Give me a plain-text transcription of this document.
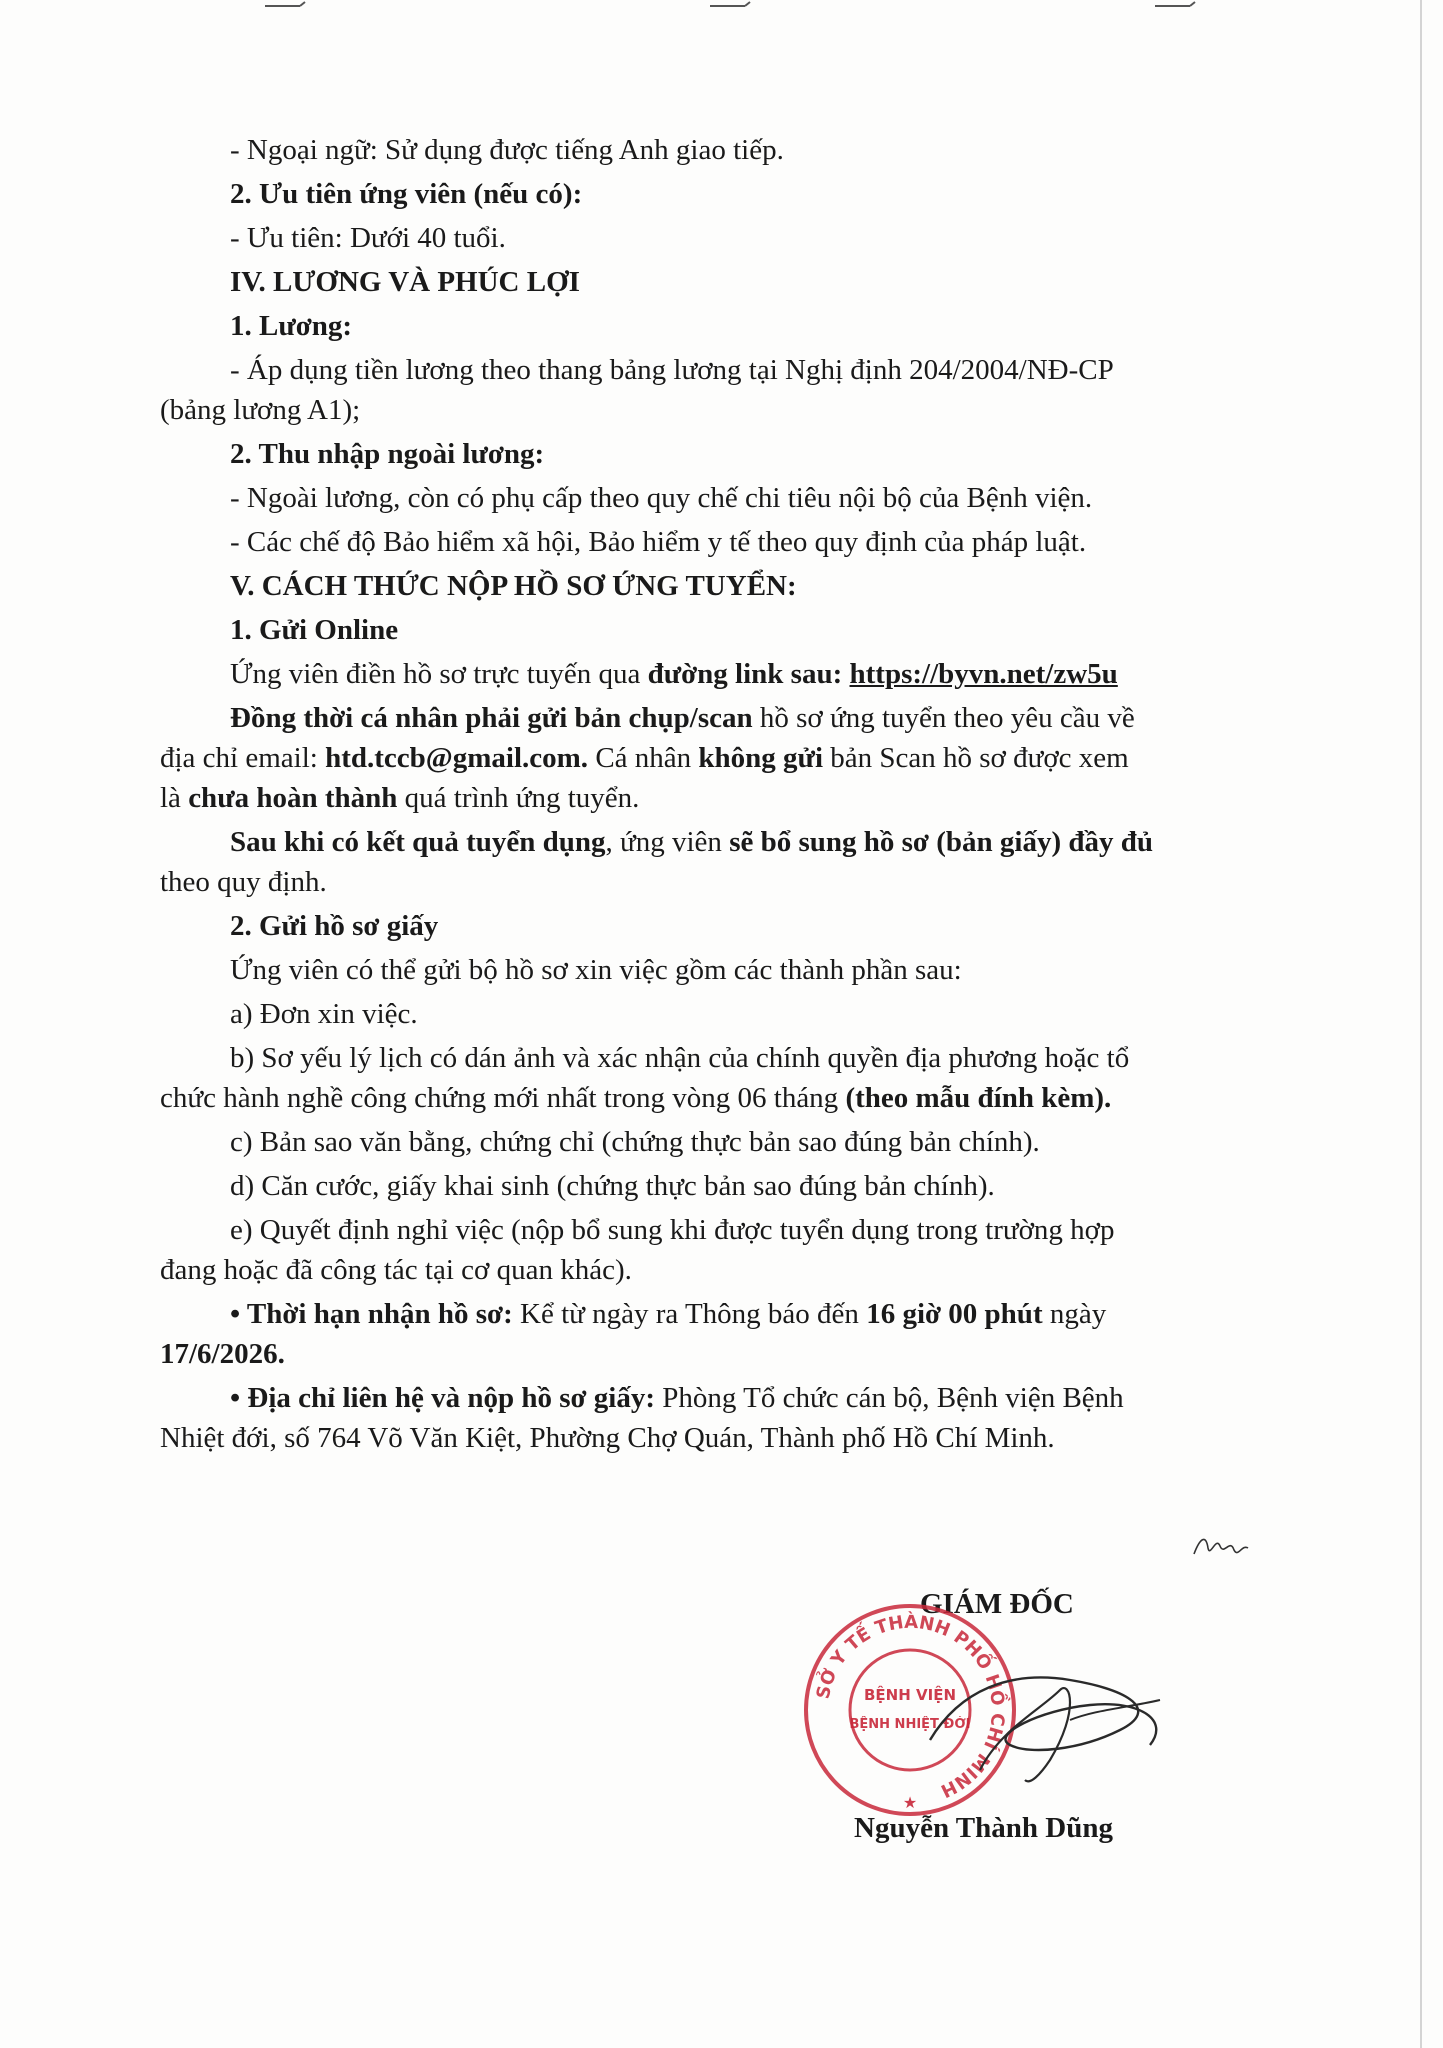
- Ngoại ngữ: Sử dụng được tiếng Anh giao tiếp.

2. Ưu tiên ứng viên (nếu có):

- Ưu tiên: Dưới 40 tuổi.

IV. LƯƠNG VÀ PHÚC LỢI

1. Lương:

- Áp dụng tiền lương theo thang bảng lương tại Nghị định 204/2004/NĐ-CP

(bảng lương A1);

2. Thu nhập ngoài lương:

- Ngoài lương, còn có phụ cấp theo quy chế chi tiêu nội bộ của Bệnh viện.

- Các chế độ Bảo hiểm xã hội, Bảo hiểm y tế theo quy định của pháp luật.

V. CÁCH THỨC NỘP HỒ SƠ ỨNG TUYỂN:

1. Gửi Online

Ứng viên điền hồ sơ trực tuyến qua đường link sau: https://byvn.net/zw5u

Đồng thời cá nhân phải gửi bản chụp/scan hồ sơ ứng tuyển theo yêu cầu về

địa chỉ email: htd.tccb@gmail.com. Cá nhân không gửi bản Scan hồ sơ được xem

là chưa hoàn thành quá trình ứng tuyển.

Sau khi có kết quả tuyển dụng, ứng viên sẽ bổ sung hồ sơ (bản giấy) đầy đủ

theo quy định.

2. Gửi hồ sơ giấy

Ứng viên có thể gửi bộ hồ sơ xin việc gồm các thành phần sau:

a) Đơn xin việc.

b) Sơ yếu lý lịch có dán ảnh và xác nhận của chính quyền địa phương hoặc tổ

chức hành nghề công chứng mới nhất trong vòng 06 tháng (theo mẫu đính kèm).

c) Bản sao văn bằng, chứng chỉ (chứng thực bản sao đúng bản chính).

d) Căn cước, giấy khai sinh (chứng thực bản sao đúng bản chính).

e) Quyết định nghỉ việc (nộp bổ sung khi được tuyển dụng trong trường hợp

đang hoặc đã công tác tại cơ quan khác).

• Thời hạn nhận hồ sơ: Kể từ ngày ra Thông báo đến 16 giờ 00 phút ngày

17/6/2026.

• Địa chỉ liên hệ và nộp hồ sơ giấy: Phòng Tổ chức cán bộ, Bệnh viện Bệnh

Nhiệt đới, số 764 Võ Văn Kiệt, Phường Chợ Quán, Thành phố Hồ Chí Minh.

GIÁM ĐỐC
SỞ Y TẾ THÀNH PHỐ HỒ CHÍ MINH
BỆNH VIỆN
BỆNH NHIỆT ĐỚI
★
Nguyễn Thành Dũng
